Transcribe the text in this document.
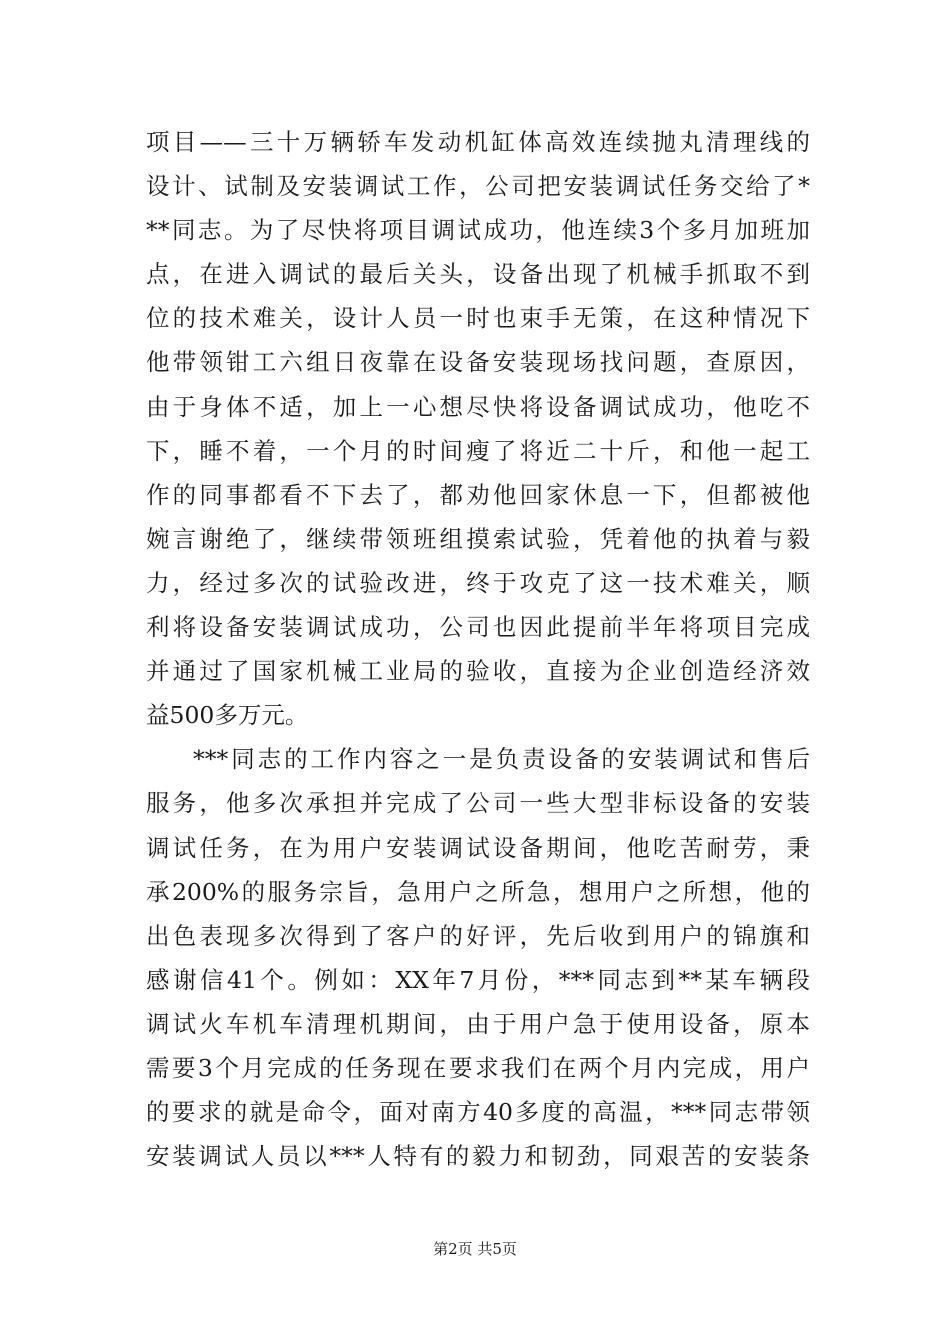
项目——三十万辆轿车发动机缸体高效连续抛丸清理线的
设计、试制及安装调试工作，公司把安装调试任务交给了*
**同志。为了尽快将项目调试成功，他连续3个多月加班加
点，在进入调试的最后关头，设备出现了机械手抓取不到
位的技术难关，设计人员一时也束手无策，在这种情况下
他带领钳工六组日夜靠在设备安装现场找问题，查原因，
由于身体不适，加上一心想尽快将设备调试成功，他吃不
下，睡不着，一个月的时间瘦了将近二十斤，和他一起工
作的同事都看不下去了，都劝他回家休息一下，但都被他
婉言谢绝了，继续带领班组摸索试验，凭着他的执着与毅
力，经过多次的试验改进，终于攻克了这一技术难关，顺
利将设备安装调试成功，公司也因此提前半年将项目完成
并通过了国家机械工业局的验收，直接为企业创造经济效
益500多万元。
***同志的工作内容之一是负责设备的安装调试和售后
服务，他多次承担并完成了公司一些大型非标设备的安装
调试任务，在为用户安装调试设备期间，他吃苦耐劳，秉
承200%的服务宗旨，急用户之所急，想用户之所想，他的
出色表现多次得到了客户的好评，先后收到用户的锦旗和
感谢信41个。例如：XX年7月份，***同志到**某车辆段
调试火车机车清理机期间，由于用户急于使用设备，原本
需要3个月完成的任务现在要求我们在两个月内完成，用户
的要求的就是命令，面对南方40多度的高温，***同志带领
安装调试人员以***人特有的毅力和韧劲，同艰苦的安装条
第2页 共5页
